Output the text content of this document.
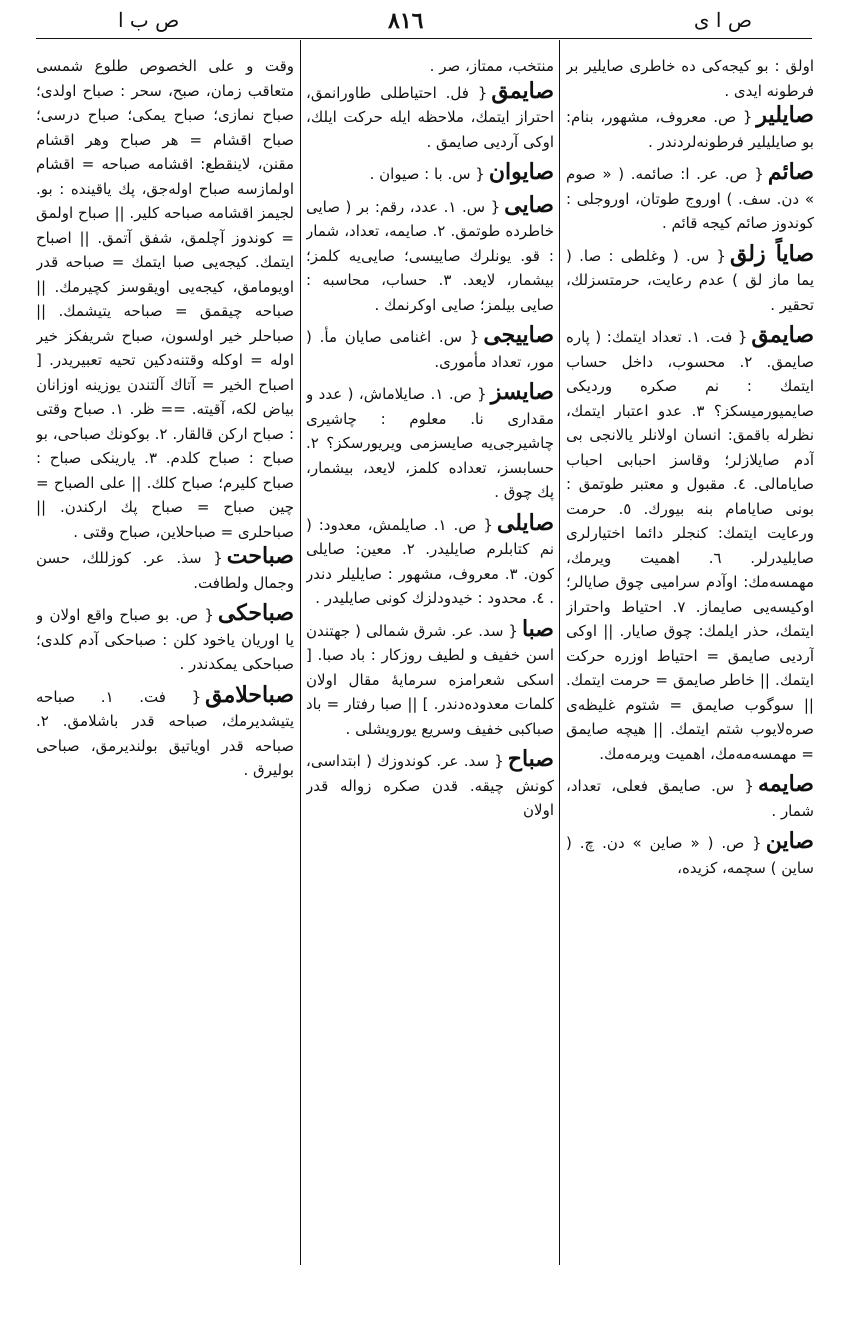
ص ب ا	٨١٦	ص ا ى

اولق : بو كيجه‌كى ده خاطرى صايلير بر فرطونه ايدى .

صايلير{ ص. معروف، مشهور، بنام: بو صايليلير فرطو‌نه‌لردندر .
صائم{ ص. عر. ا: صائمه. ( « صوم » دن. سف. ) اوروج طوتان، اوروجلى : كوندوز صائم كيجه قائم .
صاياً زلق{ س. ( وغلطى : صا. ( يما ماز لق ) عدم رعايت، حرمتسزلك، تحقير .
صايمق{ فت. ١. تعداد ايتمك: ( پاره صايمق. ٢. محسوب، داخل حساب ايتمك : نم صكره ورديكى صايميورميسكز؟ ٣. عدو اعتبار ايتمك، نظرله باقمق: انسان اولانلر يالانجى بى آدم صايلازلر؛ وقاسز احبابى احباب صايامالى. ٤. مقبول و معتبر طوتمق : بونى صايامام بنه بيورك. ٥. حرمت ورعايت ايتمك: كنجلر دائما اختيارلرى صايليدرلر. ٦. اهميت ويرمك، مهمسه‌مك: اوآدم سراميى چوق صايالر؛ اوكيسه‌يى صايماز. ٧. احتياط واحتراز ايتمك، حذر ايلمك: چوق صايار. || اوكى آرديى صايمق = احتياط اوزره حركت ايتمك. || خاطر صايمق = حرمت ايتمك. || سوگوب صايمق = شتوم غليظه‌ى صره‌لايوب شتم ايتمك. || هيچه صايمق = مهمسه‌مه‌مك، اهميت ويرمه‌مك.
صايمه{ س. صايمق فعلى، تعداد، شمار .
صاين{ ص. ( « صاين » دن. چ. ( ساين ) سچمه، كزيده،

منتخب، ممتاز، صر .

صايمق{ فل. احتياطلى طاورانمق، احتراز ايتمك، ملاحظه ايله حركت ايلك، اوكى آرديى صايمق .
صايوان{ س. با : صيوان .
صايى{ س. ١. عدد، رقم: بر ( صايى خاطرده طوتمق. ٢. صايمه، تعداد، شمار : قو. يونلرك صاييسى؛ صايى‌يه كلمز؛ بيشمار، لايعد. ٣. حساب، محاسبه : صايى بيلمز؛ صايى اوكرنمك .
صاييجى{ س. اغنامى صايان مأ. ( مور، تعداد مأمورى.
صايسز{ ص. ١. صايلاماش، ( عدد و مقدارى نا. معلوم : چاشيرى چاشيرجى‌يه صايسزمى ويريورسكز؟ ٢. حسابسز، تعداده كلمز، لايعد، بيشمار، پك چوق .
صايلى{ ص. ١. صايلمش، معدود: ( نم كتابلرم صايليدر. ٢. معين: صايلى كون. ٣. معروف، مشهور : صايليلر دندر . ٤. محدود : خيدودلزك كونى صايليدر .
صبا{ سد. عر. شرق شمالى ( جهتندن اسن خفيف و لطيف روزكار : باد صبا. [ اسكى شعرامزه سرمايهٔ مقال اولان كلمات معدوده‌دندر. ] || صبا رفتار = باد صباكبى خفيف وسريع يورويشلى .
صباح{ سد. عر. كوندوزك ( ابتداسى، كونش چيقه. قدن صكره زواله قدر اولان

وقت و على الخصوص طلوع شمسى متعاقب زمان، صبح، سحر : صباح اولدى؛ صباح نمازى؛ صباح يمكى؛ صباح درسى؛ صباح اقشام = هر صباح وهر اقشام مقنن، لاينقطع: اقشامه صباحه = اقشام اولمازسه صباح اوله‌جق، پك ياقينده : بو. لجيمز اقشامه صباحه كلير. || صباح اولمق = كوندوز آچلمق، شفق آتمق. || اصباح ايتمك. كيجه‌يى صبا ايتمك = صباحه قدر اويومامق، كيجه‌يى اويقوسز كچيرمك. || صباحه چيقمق = صباحه يتيشمك. || صباحلر خير اولسون، صباح شريفكز خير اوله = اوكله وقتنه‌دكين تحيه تعبيريدر. [ اصباح الخير = آتاك آلتندن يوزينه اوزانان بياض لكه، آقيته. == ظر. ١. صباح وقتى : صباح اركن قالقار. ٢. بوكونك صباحى، بو صباح : صباح كلدم. ٣. يارينكى صباح : صباح كليرم؛ صباح كلك. || على الصباح = چين صباح = صباح پك اركندن. || صباحلرى = صباحلاين، صباح وقتى .

صباحت{ سذ. عر. كوزللك، حسن وجمال ولطافت.
صباحكى{ ص. بو صباح واقع اولان و يا اوريان ياخود كلن : صباحكى آدم كلدى؛ صباحكى يمكدندر .
صباحلامق{ فت. ١. صباحه يتيشديرمك، صباحه قدر باشلامق. ٢. صباحه قدر اوياتيق بولنديرمق، صباحى بوليرق .
